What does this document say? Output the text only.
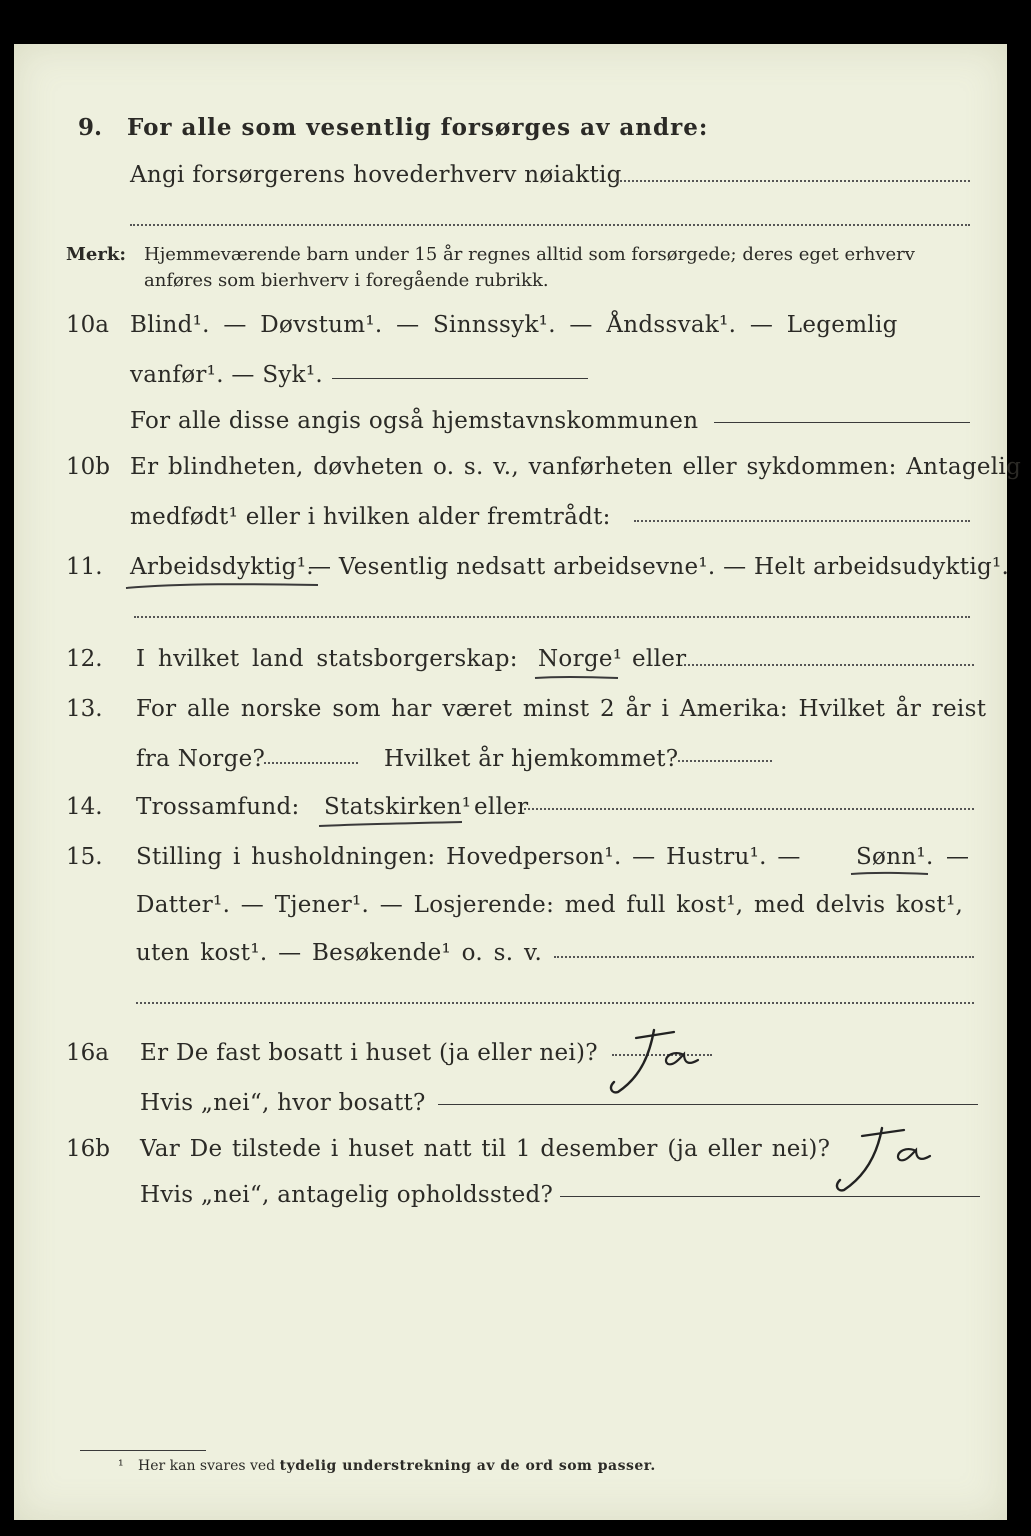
9. For alle som vesentlig forsørges av andre:
Angi forsørgerens hovederhverv nøiaktig
Merk: Hjemmeværende barn under 15 år regnes alltid som forsørgede; deres eget erhverv
anføres som bierhverv i foregående rubrikk.
10a Blind¹. — Døvstum¹. — Sinnssyk¹. — Åndssvak¹. — Legemlig
vanfør¹. — Syk¹.
For alle disse angis også hjemstavnskommunen
10b Er blindheten, døvheten o. s. v., vanførheten eller sykdommen: Antagelig
medfødt¹ eller i hvilken alder fremtrådt:
11. Arbeidsdyktig¹.
— Vesentlig nedsatt arbeidsevne¹. — Helt arbeidsudyktig¹.
12. I hvilket land statsborgerskap: Norge¹ eller
13. For alle norske som har været minst 2 år i Amerika: Hvilket år reist
fra Norge?	Hvilket år hjemkommet?
14. Trossamfund: Statskirken¹ eller
15. Stilling i husholdningen: Hovedperson¹. — Hustru¹. — Sønn¹. —
Datter¹. — Tjener¹. — Losjerende: med full kost¹, med delvis kost¹,
uten kost¹. — Besøkende¹ o. s. v.
16a Er De fast bosatt i huset (ja eller nei)?
Hvis „nei“, hvor bosatt?
16b Var De tilstede i huset natt til 1 desember (ja eller nei)?
Hvis „nei“, antagelig opholdssted?
¹ Her kan svares ved tydelig understrekning av de ord som passer.
